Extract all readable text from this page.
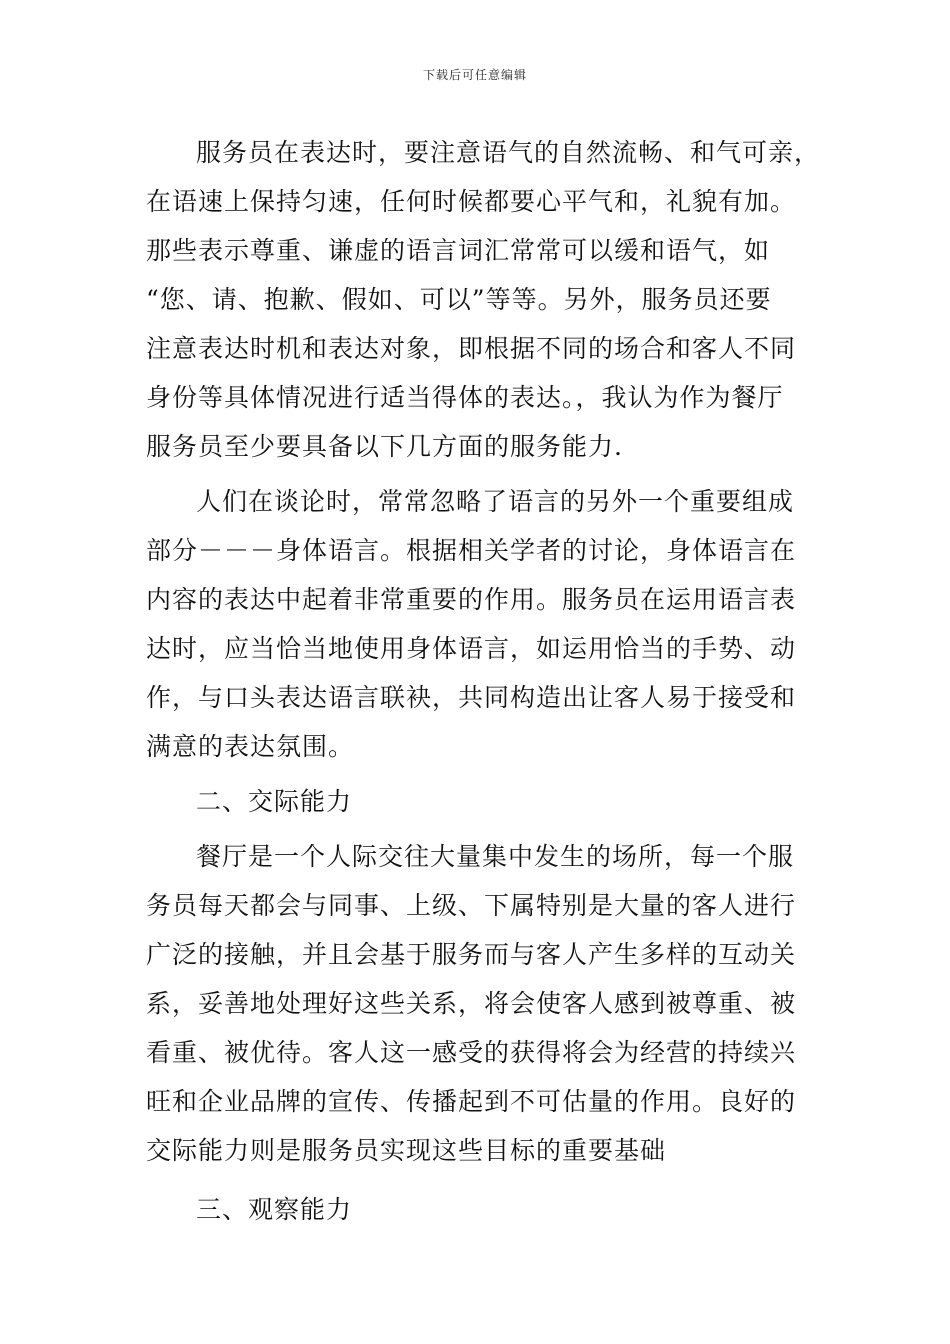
下载后可任意编辑
服务员在表达时，要注意语气的自然流畅、和气可亲，
在语速上保持匀速，任何时候都要心平气和，礼貌有加。
那些表示尊重、谦虚的语言词汇常常可以缓和语气，如
“您、请、抱歉、假如、可以”等等。另外，服务员还要
注意表达时机和表达对象，即根据不同的场合和客人不同
身份等具体情况进行适当得体的表达。，我认为作为餐厅
服务员至少要具备以下几方面的服务能力.
人们在谈论时，常常忽略了语言的另外一个重要组成
部分－－－身体语言。根据相关学者的讨论，身体语言在
内容的表达中起着非常重要的作用。服务员在运用语言表
达时，应当恰当地使用身体语言，如运用恰当的手势、动
作，与口头表达语言联袂，共同构造出让客人易于接受和
满意的表达氛围。
二、交际能力
餐厅是一个人际交往大量集中发生的场所，每一个服
务员每天都会与同事、上级、下属特别是大量的客人进行
广泛的接触，并且会基于服务而与客人产生多样的互动关
系，妥善地处理好这些关系，将会使客人感到被尊重、被
看重、被优待。客人这一感受的获得将会为经营的持续兴
旺和企业品牌的宣传、传播起到不可估量的作用。良好的
交际能力则是服务员实现这些目标的重要基础
三、观察能力
